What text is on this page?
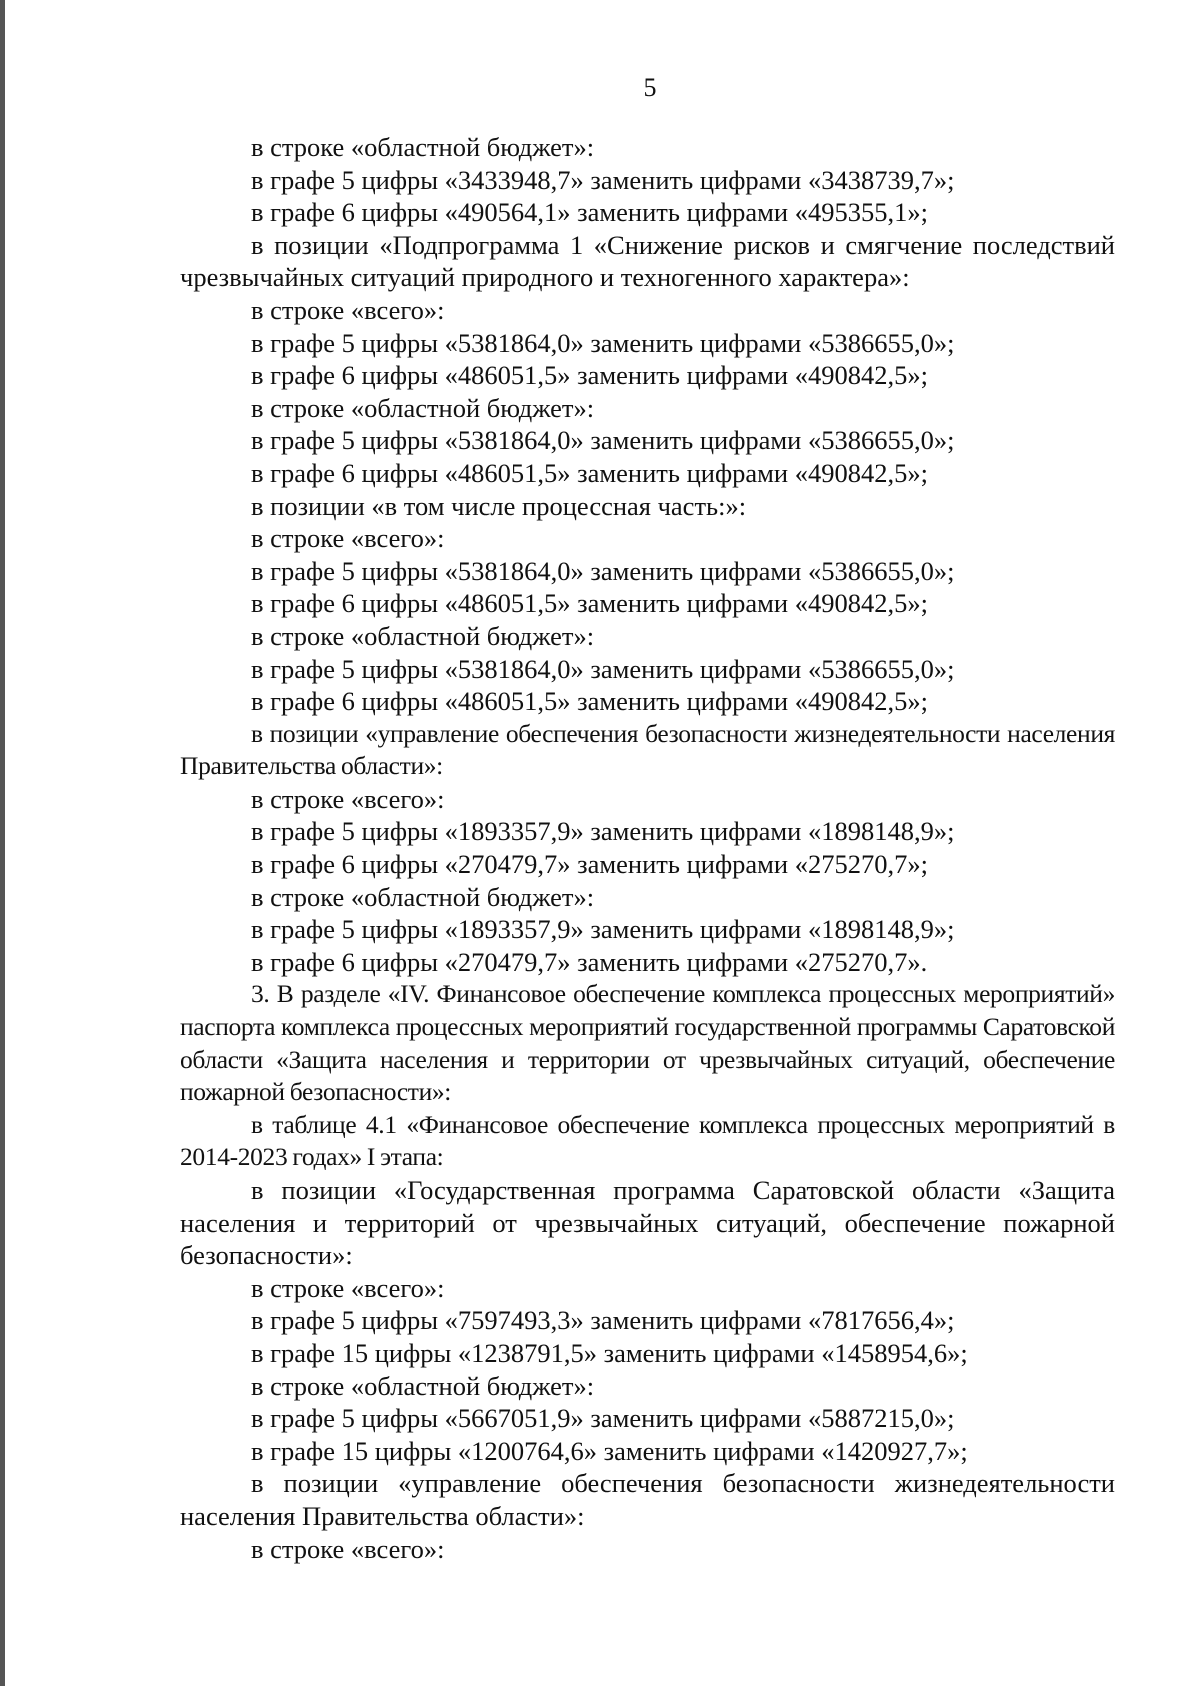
5

в строке «областной бюджет»:

в графе 5 цифры «3433948,7» заменить цифрами «3438739,7»;

в графе 6 цифры «490564,1» заменить цифрами «495355,1»;

в позиции «Подпрограмма 1 «Снижение рисков и смягчение последствий чрезвычайных ситуаций природного и техногенного характера»:

в строке «всего»:

в графе 5 цифры «5381864,0» заменить цифрами «5386655,0»;

в графе 6 цифры «486051,5» заменить цифрами «490842,5»;

в строке «областной бюджет»:

в графе 5 цифры «5381864,0» заменить цифрами «5386655,0»;

в графе 6 цифры «486051,5» заменить цифрами «490842,5»;

в позиции «в том числе процессная часть:»:

в строке «всего»:

в графе 5 цифры «5381864,0» заменить цифрами «5386655,0»;

в графе 6 цифры «486051,5» заменить цифрами «490842,5»;

в строке «областной бюджет»:

в графе 5 цифры «5381864,0» заменить цифрами «5386655,0»;

в графе 6 цифры «486051,5» заменить цифрами «490842,5»;

в позиции «управление обеспечения безопасности жизнедеятельности населения Правительства области»:

в строке «всего»:

в графе 5 цифры «1893357,9» заменить цифрами «1898148,9»;

в графе 6 цифры «270479,7» заменить цифрами «275270,7»;

в строке «областной бюджет»:

в графе 5 цифры «1893357,9» заменить цифрами «1898148,9»;

в графе 6 цифры «270479,7» заменить цифрами «275270,7».

3. В разделе «IV. Финансовое обеспечение комплекса процессных мероприятий» паспорта комплекса процессных мероприятий государственной программы Саратовской области «Защита населения и территории от чрезвычайных ситуаций, обеспечение пожарной безопасности»:

в таблице 4.1 «Финансовое обеспечение комплекса процессных мероприятий в 2014-2023 годах» I этапа:

в позиции «Государственная программа Саратовской области «Защита населения и территорий от чрезвычайных ситуаций, обеспечение пожарной безопасности»:

в строке «всего»:

в графе 5 цифры «7597493,3» заменить цифрами «7817656,4»;

в графе 15 цифры «1238791,5» заменить цифрами «1458954,6»;

в строке «областной бюджет»:

в графе 5 цифры «5667051,9» заменить цифрами «5887215,0»;

в графе 15 цифры «1200764,6» заменить цифрами «1420927,7»;

в позиции «управление обеспечения безопасности жизнедеятельности населения Правительства области»:

в строке «всего»:
